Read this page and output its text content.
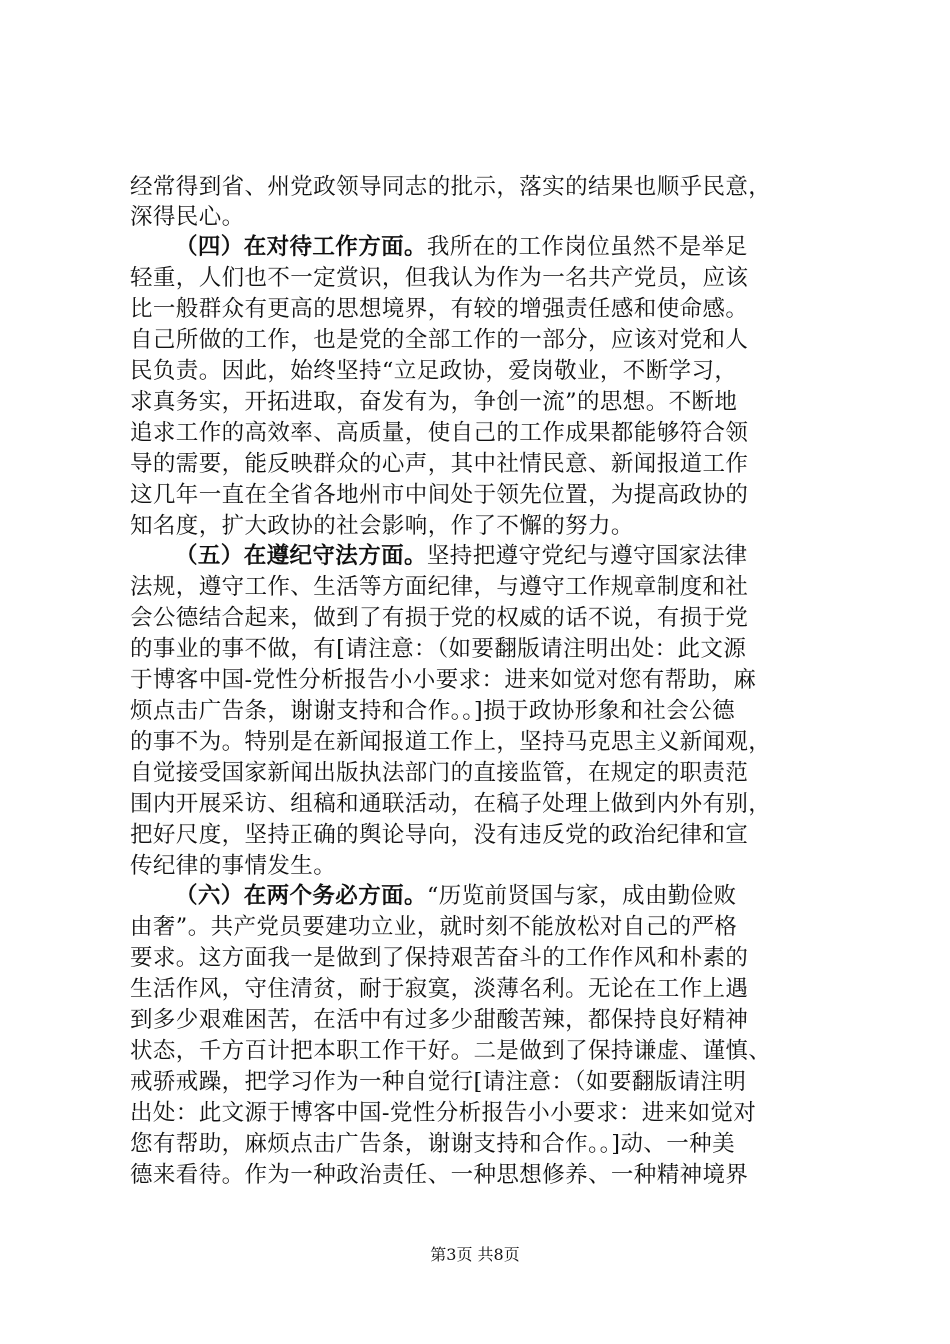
经常得到省、州党政领导同志的批示，落实的结果也顺乎民意，
深得民心。
（四）在对待工作方面。我所在的工作岗位虽然不是举足
轻重，人们也不一定赏识，但我认为作为一名共产党员，应该
比一般群众有更高的思想境界，有较的增强责任感和使命感。
自己所做的工作，也是党的全部工作的一部分，应该对党和人
民负责。因此，始终坚持“立足政协，爱岗敬业，不断学习，
求真务实，开拓进取，奋发有为，争创一流”的思想。不断地
追求工作的高效率、高质量，使自己的工作成果都能够符合领
导的需要，能反映群众的心声，其中社情民意、新闻报道工作
这几年一直在全省各地州市中间处于领先位置，为提高政协的
知名度，扩大政协的社会影响，作了不懈的努力。
（五）在遵纪守法方面。坚持把遵守党纪与遵守国家法律
法规，遵守工作、生活等方面纪律，与遵守工作规章制度和社
会公德结合起来，做到了有损于党的权威的话不说，有损于党
的事业的事不做，有[请注意：（如要翻版请注明出处：此文源
于博客中国-党性分析报告小小要求：进来如觉对您有帮助，麻
烦点击广告条，谢谢支持和合作。。]损于政协形象和社会公德
的事不为。特别是在新闻报道工作上，坚持马克思主义新闻观，
自觉接受国家新闻出版执法部门的直接监管，在规定的职责范
围内开展采访、组稿和通联活动，在稿子处理上做到内外有别，
把好尺度，坚持正确的舆论导向，没有违反党的政治纪律和宣
传纪律的事情发生。
（六）在两个务必方面。“历览前贤国与家，成由勤俭败
由奢”。共产党员要建功立业，就时刻不能放松对自己的严格
要求。这方面我一是做到了保持艰苦奋斗的工作作风和朴素的
生活作风，守住清贫，耐于寂寞，淡薄名利。无论在工作上遇
到多少艰难困苦，在活中有过多少甜酸苦辣，都保持良好精神
状态，千方百计把本职工作干好。二是做到了保持谦虚、谨慎、
戒骄戒躁，把学习作为一种自觉行[请注意：（如要翻版请注明
出处：此文源于博客中国-党性分析报告小小要求：进来如觉对
您有帮助，麻烦点击广告条，谢谢支持和合作。。]动、一种美
德来看待。作为一种政治责任、一种思想修养、一种精神境界
第3页 共8页
